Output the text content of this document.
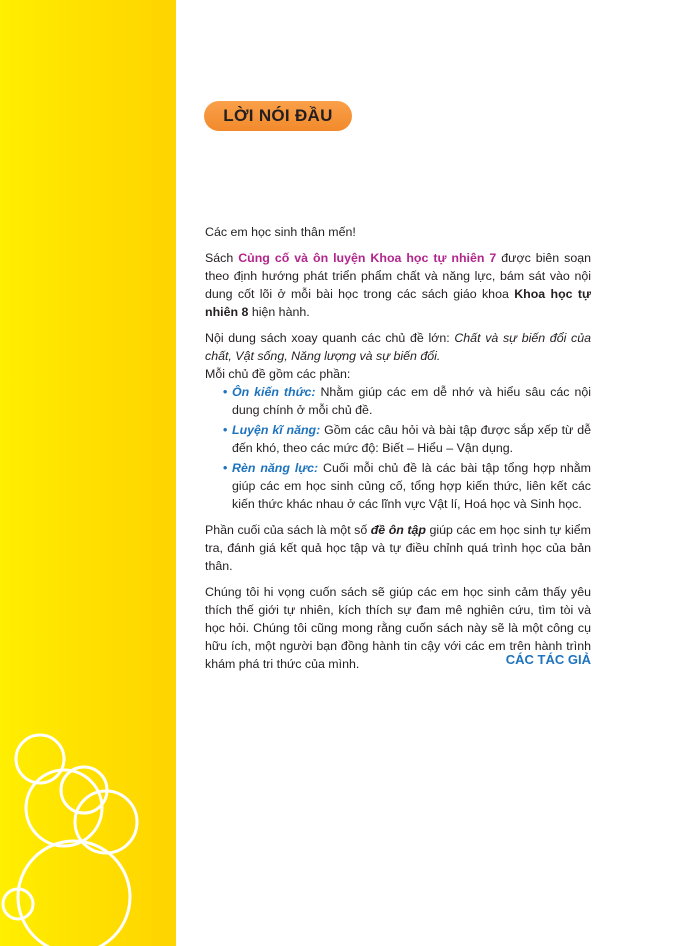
LỜI NÓI ĐẦU

Các em học sinh thân mến!

Sách Củng cố và ôn luyện Khoa học tự nhiên 7 được biên soạn theo định hướng phát triển phẩm chất và năng lực, bám sát vào nội dung cốt lõi ở mỗi bài học trong các sách giáo khoa Khoa học tự nhiên 8 hiện hành.

Nội dung sách xoay quanh các chủ đề lớn: Chất và sự biến đổi của chất, Vật sống, Năng lượng và sự biến đổi.

Mỗi chủ đề gồm các phần:

• Ôn kiến thức: Nhằm giúp các em dễ nhớ và hiểu sâu các nội dung chính ở mỗi chủ đề.
• Luyện kĩ năng: Gồm các câu hỏi và bài tập được sắp xếp từ dễ đến khó, theo các mức độ: Biết – Hiểu – Vận dụng.
• Rèn năng lực: Cuối mỗi chủ đề là các bài tập tổng hợp nhằm giúp các em học sinh củng cố, tổng hợp kiến thức, liên kết các kiến thức khác nhau ở các lĩnh vực Vật lí, Hoá học và Sinh học.

Phần cuối của sách là một số đề ôn tập giúp các em học sinh tự kiểm tra, đánh giá kết quả học tập và tự điều chỉnh quá trình học của bản thân.

Chúng tôi hi vọng cuốn sách sẽ giúp các em học sinh cảm thấy yêu thích thế giới tự nhiên, kích thích sự đam mê nghiên cứu, tìm tòi và học hỏi. Chúng tôi cũng mong rằng cuốn sách này sẽ là một công cụ hữu ích, một người bạn đồng hành tin cậy với các em trên hành trình khám phá tri thức của mình.	CÁC TÁC GIẢ
